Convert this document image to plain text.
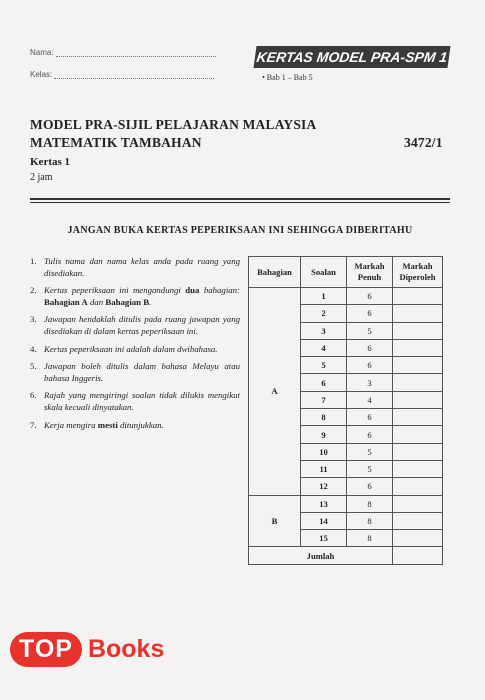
Nama:
Kelas:
KERTAS MODEL PRA-SPM 1
• Bab 1 – Bab 5
MODEL PRA-SIJIL PELAJARAN MALAYSIA
MATEMATIK TAMBAHAN	3472/1
Kertas 1
2 jam
JANGAN BUKA KERTAS PEPERIKSAAN INI SEHINGGA DIBERITAHU
1. Tulis nama dan nama kelas anda pada ruang yang disediakan.
2. Kertas peperiksaan ini mengandungi dua bahagian: Bahagian A dan Bahagian B.
3. Jawapan hendaklah ditulis pada ruang jawapan yang disediakan di dalam kertas peperiksaan ini.
4. Kertas peperiksaan ini adalah dalam dwibahasa.
5. Jawapan boleh ditulis dalam bahasa Melayu atau bahasa Inggeris.
6. Rajah yang mengiringi soalan tidak dilukis mengikut skala kecuali dinyatakan.
7. Kerja mengira mesti ditunjukkan.
Bahagian	Soalan	Markah Penuh	Markah Diperoleh
A	1	6	
	2	6	
	3	5	
	4	6	
	5	6	
	6	3	
	7	4	
	8	6	
	9	6	
	10	5	
	11	5	
	12	6	
B	13	8	
	14	8	
	15	8	
Jumlah			
TOP Books
